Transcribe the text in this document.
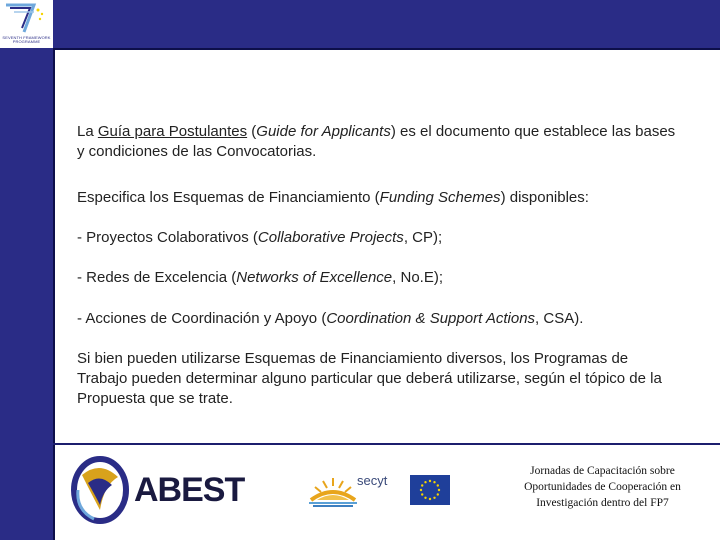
SEVENTH FRAMEWORK PROGRAMME

La Guía para Postulantes (Guide for Applicants) es el documento que establece las bases y condiciones de las Convocatorias.

Especifica los Esquemas de Financiamiento (Funding Schemes) disponibles:

- Proyectos Colaborativos (Collaborative Projects, CP);

- Redes de Excelencia (Networks of Excellence, No.E);

- Acciones de Coordinación y Apoyo (Coordination & Support Actions, CSA).

Si bien pueden utilizarse Esquemas de Financiamiento diversos, los Programas de Trabajo pueden determinar alguno particular que deberá utilizarse, según el tópico de la Propuesta que se trate.

ABEST	secyt
Jornadas de Capacitación sobre
Oportunidades de Cooperación en
Investigación dentro del FP7
